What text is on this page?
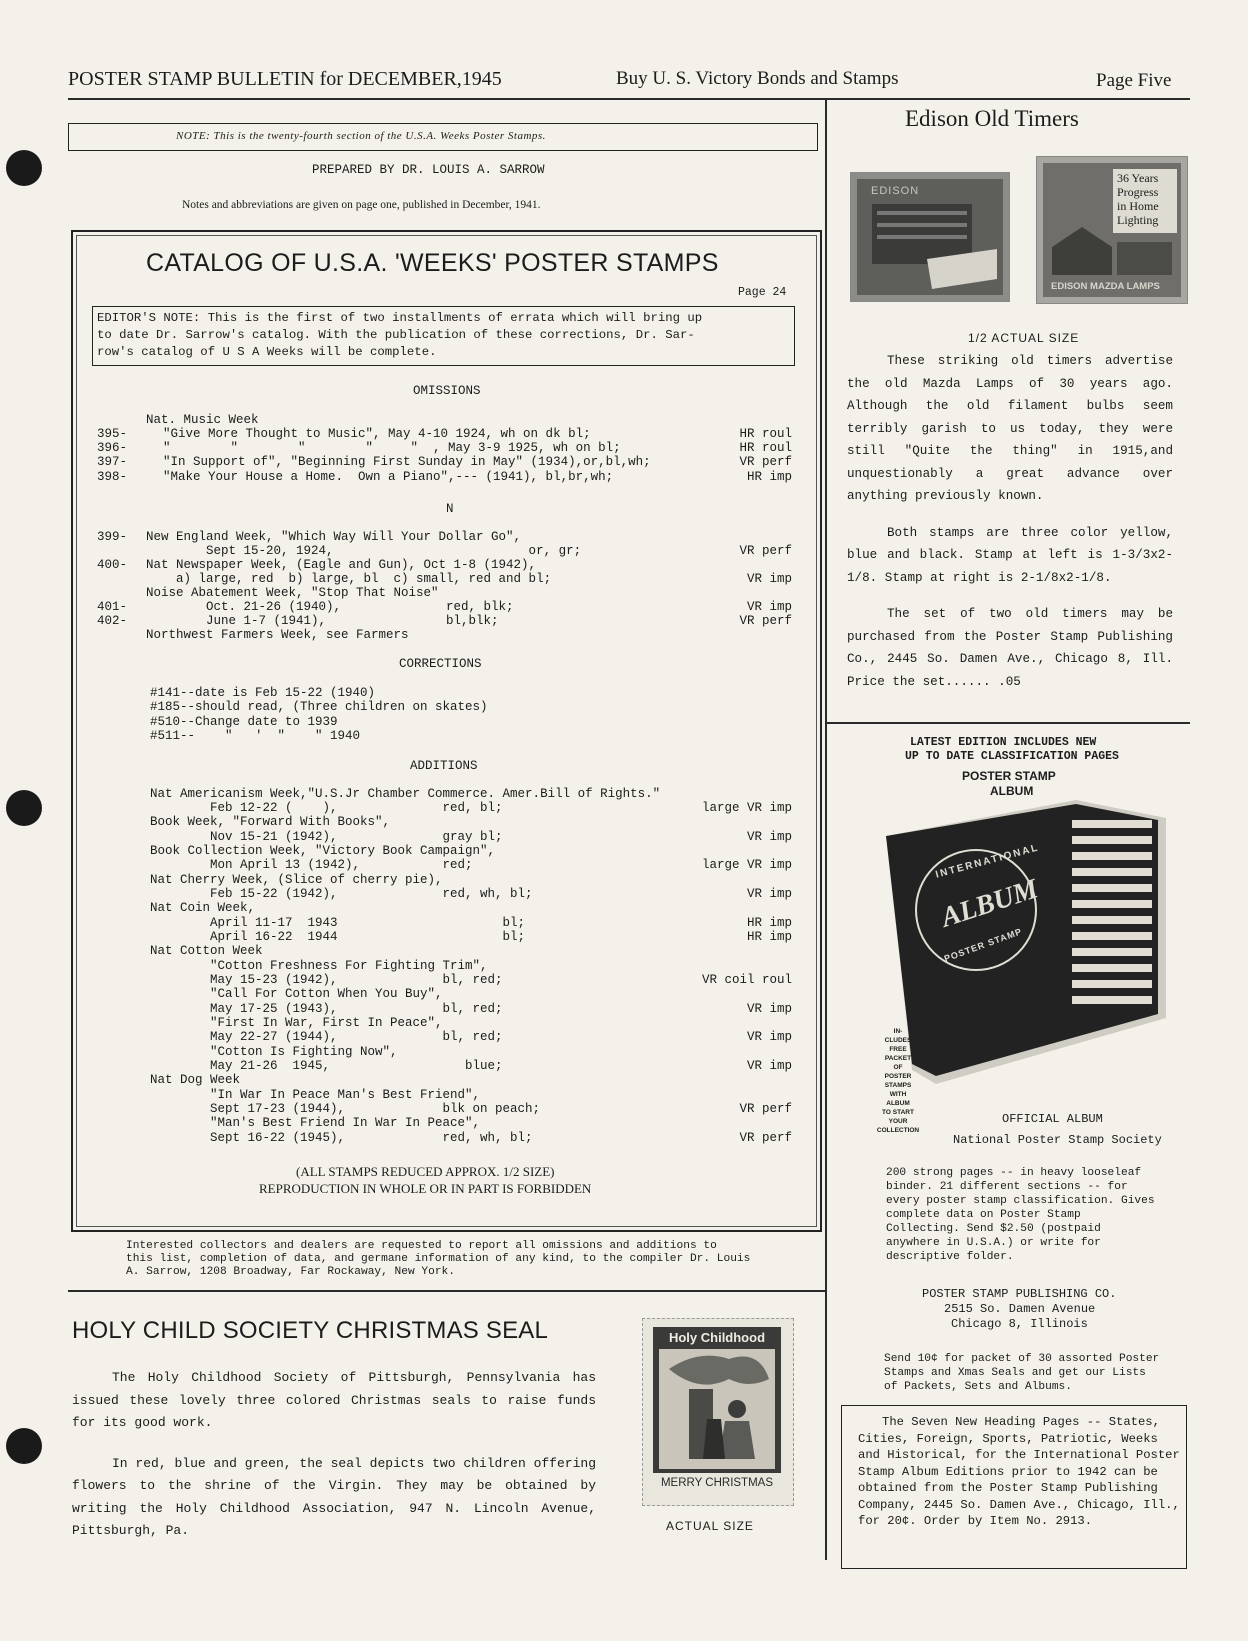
POSTER STAMP BULLETIN for DECEMBER,1945	Buy U. S. Victory Bonds and Stamps	Page Five
NOTE: This is the twenty-fourth section of the U.S.A. Weeks Poster Stamps.
PREPARED BY DR. LOUIS A. SARROW
Notes and abbreviations are given on page one, published in December, 1941.
CATALOG OF U.S.A. 'WEEKS' POSTER STAMPS
Page 24
EDITOR'S NOTE: This is the first of two installments of errata which will bring up
to date Dr. Sarrow's catalog. With the publication of these corrections, Dr. Sar-
row's catalog of U S A Weeks will be complete.
OMISSIONS
Nat. Music Week
395-	"Give More Thought to Music", May 4-10 1924, wh on dk bl;	HR roul
396-	"        "        "        "     "  , May 3-9 1925, wh on bl;	HR roul
397-	"In Support of", "Beginning First Sunday in May" (1934),or,bl,wh;	VR perf
398-	"Make Your House a Home.  Own a Piano",--- (1941), bl,br,wh;	HR imp
N
399- New England Week, "Which Way Will Your Dollar Go",
Sept 15-20, 1924,                          or, gr;	VR perf
400- Nat Newspaper Week, (Eagle and Gun), Oct 1-8 (1942),
a) large, red  b) large, bl  c) small, red and bl;	VR imp
Noise Abatement Week, "Stop That Noise"
401- Oct. 21-26 (1940),              red, blk;	VR imp
402- June 1-7 (1941),                bl,blk;	VR perf
Northwest Farmers Week, see Farmers
CORRECTIONS
#141--date is Feb 15-22 (1940)
#185--should read, (Three children on skates)
#510--Change date to 1939
#511--    "   '  "    " 1940
ADDITIONS
Nat Americanism Week,"U.S.Jr Chamber Commerce. Amer.Bill of Rights."
Feb 12-22 (    ),              red, bl;	large VR imp
Book Week, "Forward With Books",
Nov 15-21 (1942),              gray bl;	VR imp
Book Collection Week, "Victory Book Campaign",
Mon April 13 (1942),           red;	large VR imp
Nat Cherry Week, (Slice of cherry pie),
Feb 15-22 (1942),              red, wh, bl;	VR imp
Nat Coin Week,
April 11-17  1943                      bl;	HR imp
April 16-22  1944                      bl;	HR imp
Nat Cotton Week
"Cotton Freshness For Fighting Trim",
May 15-23 (1942),              bl, red;	VR coil roul
"Call For Cotton When You Buy",
May 17-25 (1943),              bl, red;	VR imp
"First In War, First In Peace",
May 22-27 (1944),              bl, red;	VR imp
"Cotton Is Fighting Now",
May 21-26  1945,                  blue;	VR imp
Nat Dog Week
"In War In Peace Man's Best Friend",
Sept 17-23 (1944),             blk on peach;	VR perf
"Man's Best Friend In War In Peace",
Sept 16-22 (1945),             red, wh, bl;	VR perf
(ALL STAMPS REDUCED APPROX. 1/2 SIZE)
REPRODUCTION IN WHOLE OR IN PART IS FORBIDDEN
Interested collectors and dealers are requested to report all omissions and additions to
this list, completion of data, and germane information of any kind, to the compiler Dr. Louis
A. Sarrow, 1208 Broadway, Far Rockaway, New York.
HOLY CHILD SOCIETY CHRISTMAS SEAL

The Holy Childhood Society of Pittsburgh, Pennsylvania has issued these lovely three colored Christmas seals to raise funds for its good work.

In red, blue and green, the seal depicts two children offering flowers to the shrine of the Virgin. They may be obtained by writing the Holy Childhood Association, 947 N. Lincoln Avenue, Pittsburgh, Pa.

Holy Childhood
MERRY CHRISTMAS
ACTUAL SIZE
Edison Old Timers
EDISON
36 Years
Progress
in Home
Lighting
EDISON MAZDA LAMPS
1/2 ACTUAL SIZE

These striking old timers advertise the old Mazda Lamps of 30 years ago. Although the old filament bulbs seem terribly garish to us today, they were still "Quite the thing" in 1915,and unquestionably a great advance over anything previously known.

Both stamps are three color yellow, blue and black. Stamp at left is 1-3/3x2-1/8. Stamp at right is 2-1/8x2-1/8.

The set of two old timers may be purchased from the Poster Stamp Publishing Co., 2445 So. Damen Ave., Chicago 8, Ill. Price the set...... .05

LATEST EDITION INCLUDES NEW
UP TO DATE CLASSIFICATION PAGES
POSTER STAMP
ALBUM
INTERNATIONAL
ALBUM
POSTER STAMP
IN-
CLUDES
FREE
PACKET
OF
POSTER
STAMPS
WITH
ALBUM
TO START
YOUR
COLLECTION
OFFICIAL ALBUM
National Poster Stamp Society
200 strong pages -- in heavy looseleaf binder. 21 different sections -- for every poster stamp classification. Gives complete data on Poster Stamp Collecting. Send $2.50 (postpaid anywhere in U.S.A.) or write for descriptive folder.
POSTER STAMP PUBLISHING CO.
2515 So. Damen Avenue
Chicago 8, Illinois
Send 10¢ for packet of 30 assorted Poster Stamps and Xmas Seals and get our Lists of Packets, Sets and Albums.
The Seven New Heading Pages -- States, Cities, Foreign, Sports, Patriotic, Weeks and Historical, for the International Poster Stamp Album Editions prior to 1942 can be obtained from the Poster Stamp Publishing Company, 2445 So. Damen Ave., Chicago, Ill., for 20¢. Order by Item No. 2913.
